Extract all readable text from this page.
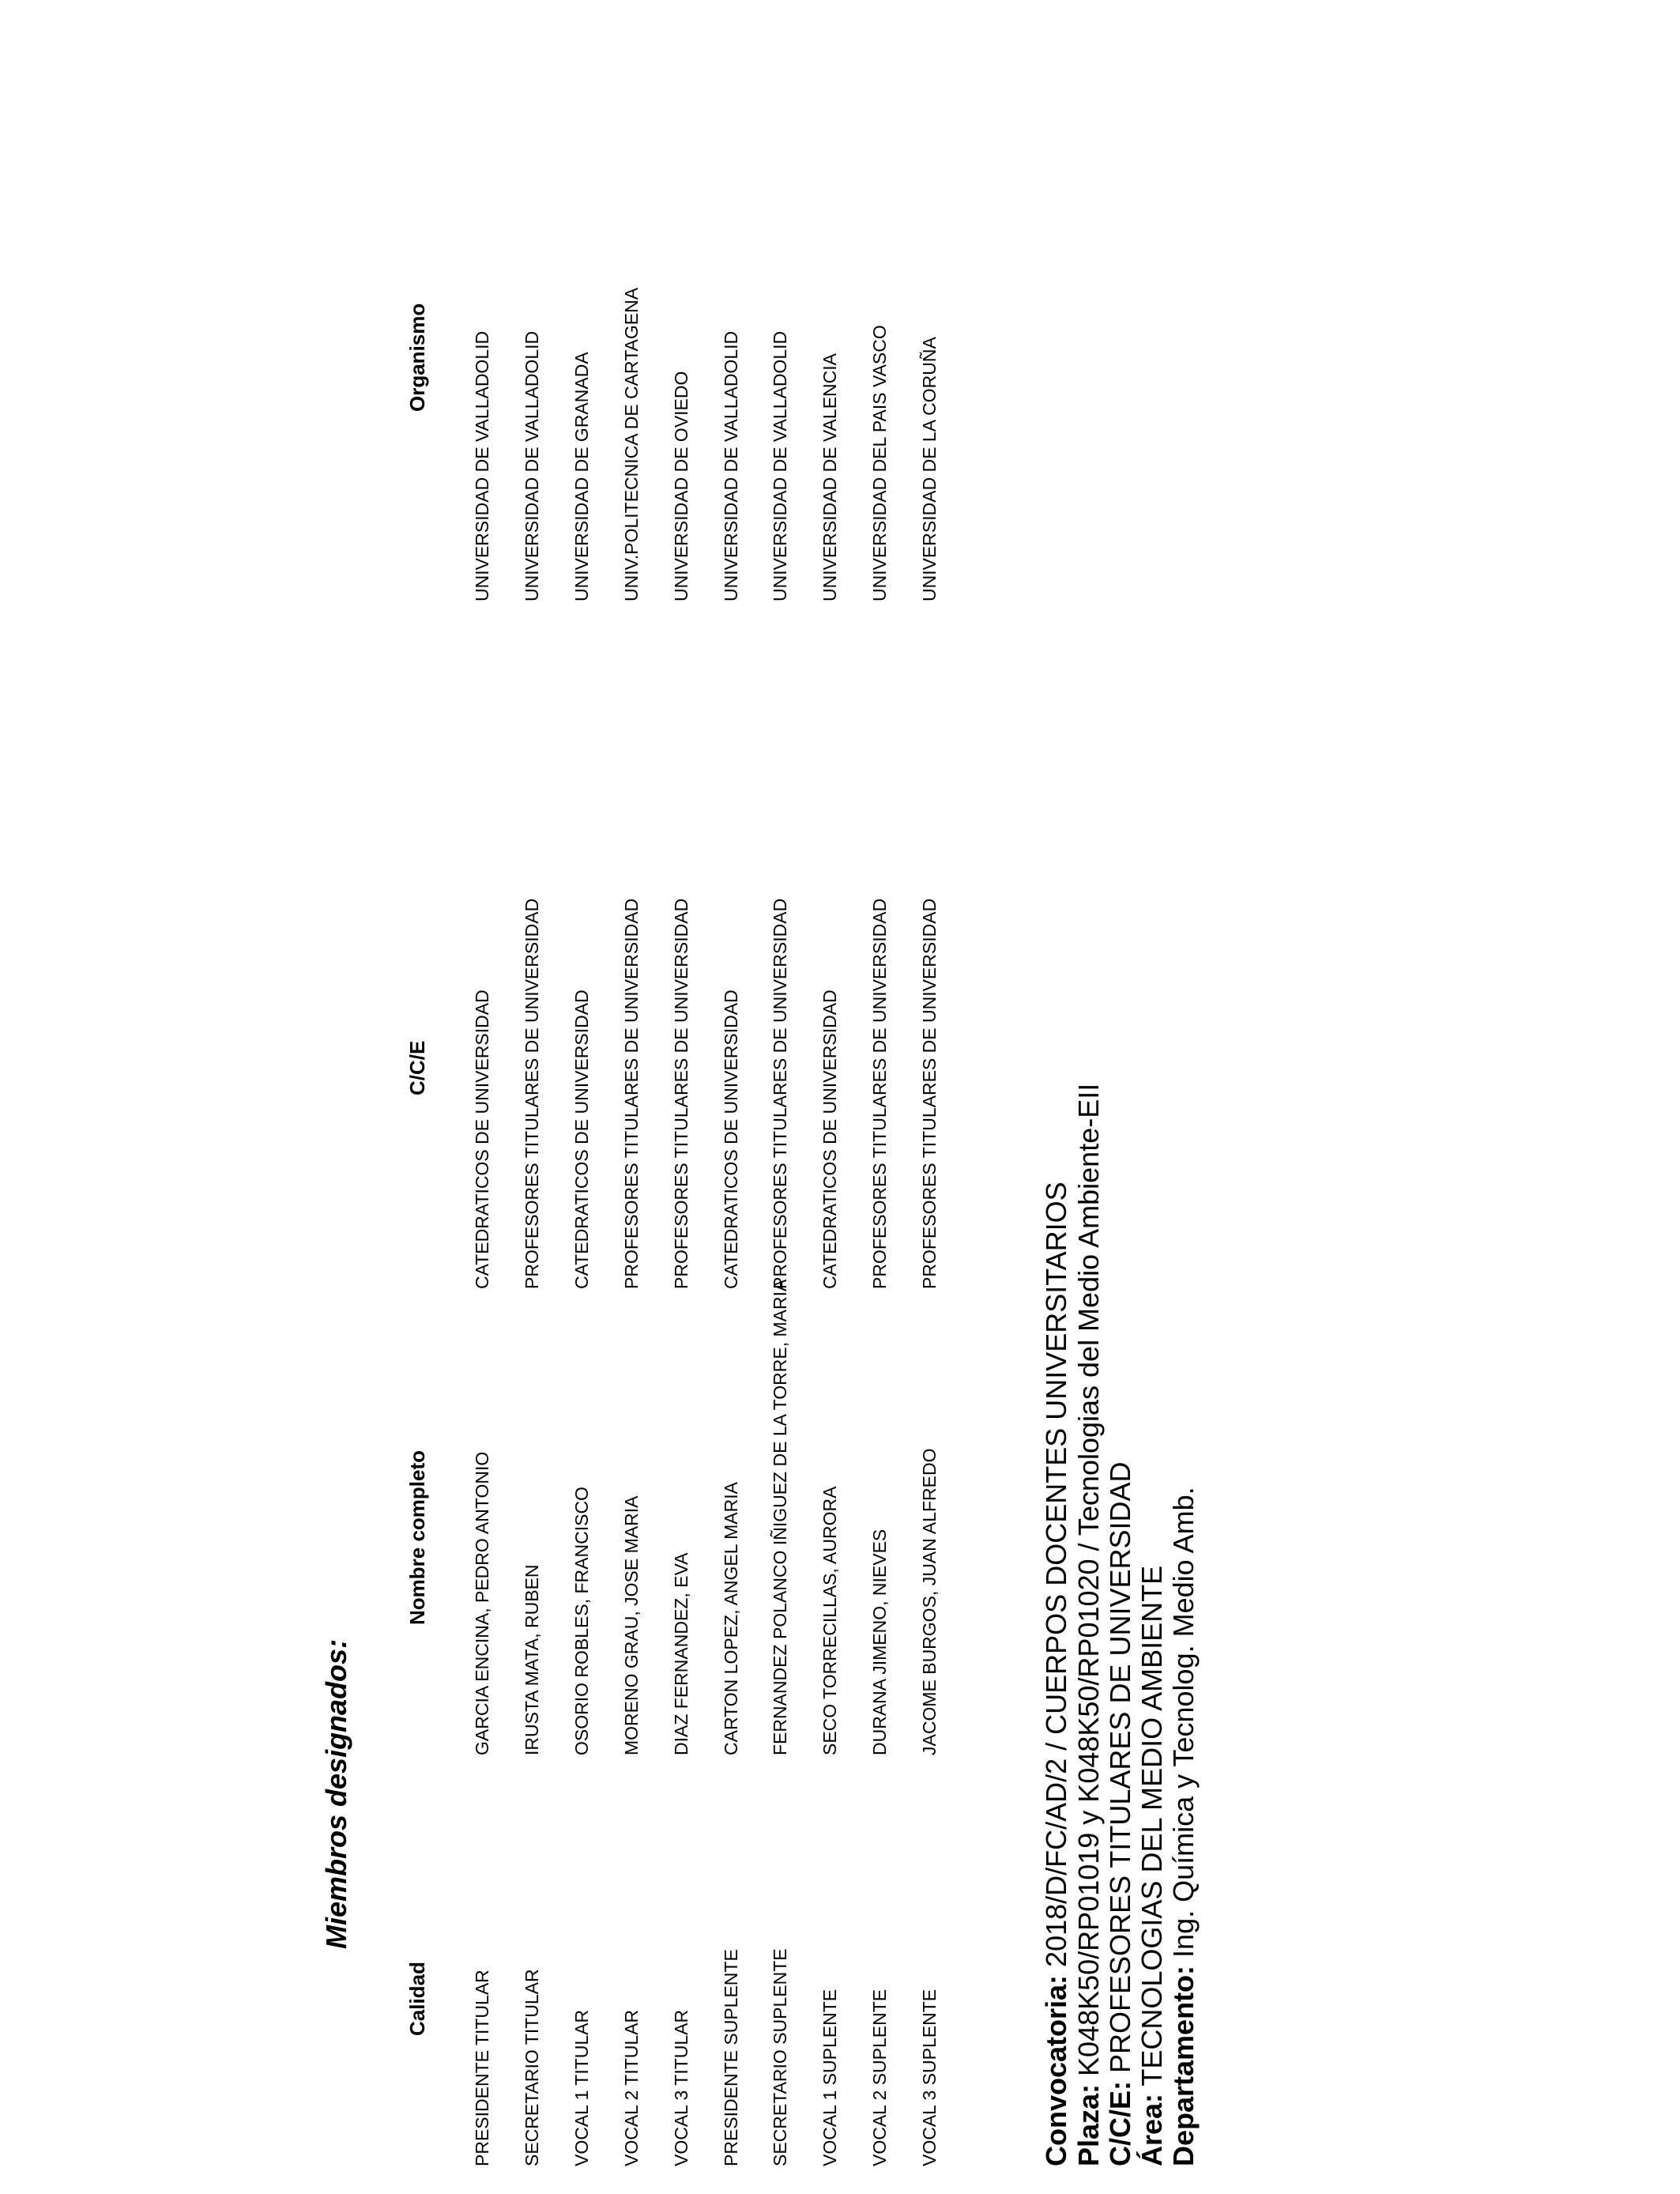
Convocatoria: 2018/D/FC/AD/2 / CUERPOS DOCENTES UNIVERSITARIOS
Plaza: K048K50/RP01019 y K048K50/RP01020 / Tecnologias del Medio Ambiente-EII
C/C/E: PROFESORES TITULARES DE UNIVERSIDAD
Área: TECNOLOGIAS DEL MEDIO AMBIENTE Departamento: Ing. Química y Tecnolog. Medio Amb.
Miembros designados:
Calidad
Nombre completo
C/C/E
Organismo
PRESIDENTE TITULAR
GARCIA ENCINA, PEDRO ANTONIO
CATEDRATICOS DE UNIVERSIDAD
UNIVERSIDAD DE VALLADOLID
SECRETARIO TITULAR
IRUSTA MATA, RUBEN
PROFESORES TITULARES DE UNIVERSIDAD
UNIVERSIDAD DE VALLADOLID
VOCAL 1 TITULAR
OSORIO ROBLES, FRANCISCO
CATEDRATICOS DE UNIVERSIDAD
UNIVERSIDAD DE GRANADA
VOCAL 2 TITULAR
MORENO GRAU, JOSE MARIA
PROFESORES TITULARES DE UNIVERSIDAD
UNIV.POLITECNICA DE CARTAGENA
VOCAL 3 TITULAR
DIAZ FERNANDEZ, EVA
PROFESORES TITULARES DE UNIVERSIDAD
UNIVERSIDAD DE OVIEDO
PRESIDENTE SUPLENTE
CARTON LOPEZ, ANGEL MARIA
CATEDRATICOS DE UNIVERSIDAD
UNIVERSIDAD DE VALLADOLID
SECRETARIO SUPLENTE
FERNANDEZ POLANCO IÑIGUEZ DE LA TORRE, MARIA
PROFESORES TITULARES DE UNIVERSIDAD
UNIVERSIDAD DE VALLADOLID
VOCAL 1 SUPLENTE
SECO TORRECILLAS, AURORA
CATEDRATICOS DE UNIVERSIDAD
UNIVERSIDAD DE VALENCIA
VOCAL 2 SUPLENTE
DURANA JIMENO, NIEVES
PROFESORES TITULARES DE UNIVERSIDAD
UNIVERSIDAD DEL PAIS VASCO
VOCAL 3 SUPLENTE
JACOME BURGOS, JUAN ALFREDO
PROFESORES TITULARES DE UNIVERSIDAD
UNIVERSIDAD DE LA CORUÑA
